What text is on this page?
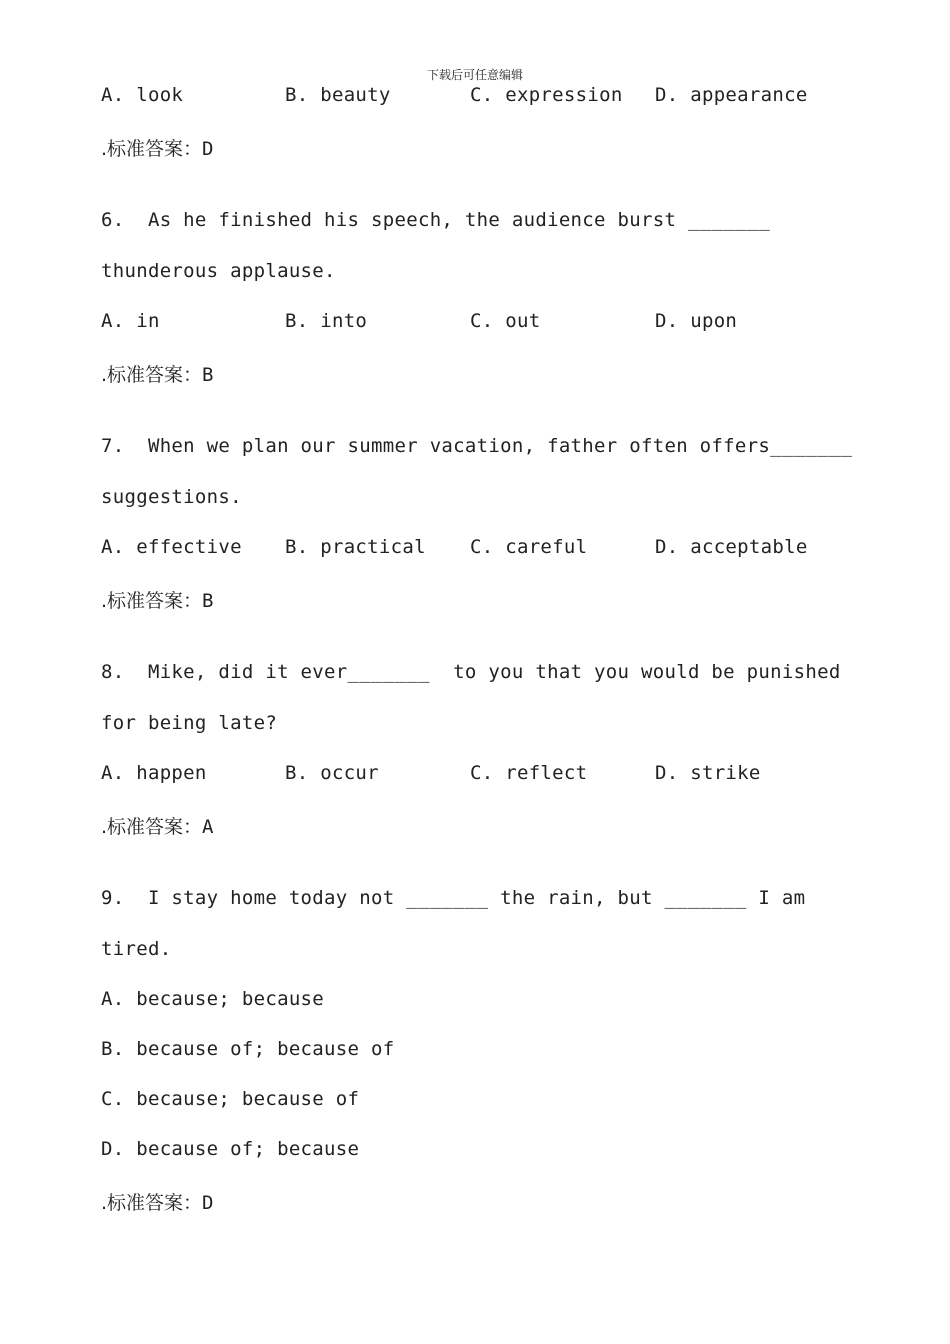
下载后可任意编辑
A. look	B. beauty	C. expression D. appearance
.标准答案：D
6.  As he finished his speech, the audience burst _______
thunderous applause.
A. in	B. into	C. out	D. upon
.标准答案：B
7.  When we plan our summer vacation, father often offers_______
suggestions.
A. effective B. practical C. careful	D. acceptable
.标准答案：B
8.  Mike, did it ever_______  to you that you would be punished
for being late?
A. happen	B. occur	C. reflect	D. strike
.标准答案：A
9.  I stay home today not _______ the rain, but _______ I am
tired.
A. because; because
B. because of; because of
C. because; because of
D. because of; because
.标准答案：D
